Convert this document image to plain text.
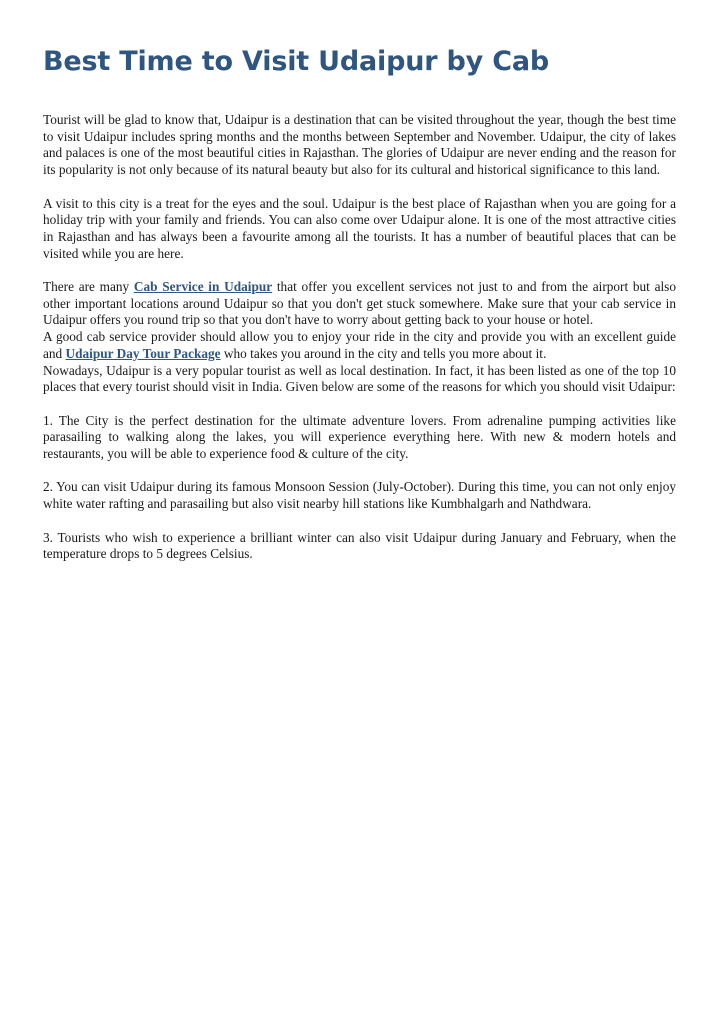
Best Time to Visit Udaipur by Cab

Tourist will be glad to know that, Udaipur is a destination that can be visited throughout the year, though the best time to visit Udaipur includes spring months and the months between September and November. Udaipur, the city of lakes and palaces is one of the most beautiful cities in Rajasthan. The glories of Udaipur are never ending and the reason for its popularity is not only because of its natural beauty but also for its cultural and historical significance to this land.

A visit to this city is a treat for the eyes and the soul. Udaipur is the best place of Rajasthan when you are going for a holiday trip with your family and friends. You can also come over Udaipur alone. It is one of the most attractive cities in Rajasthan and has always been a favourite among all the tourists. It has a number of beautiful places that can be visited while you are here.

There are many Cab Service in Udaipur that offer you excellent services not just to and from the airport but also other important locations around Udaipur so that you don't get stuck somewhere. Make sure that your cab service in Udaipur offers you round trip so that you don't have to worry about getting back to your house or hotel.

A good cab service provider should allow you to enjoy your ride in the city and provide you with an excellent guide and Udaipur Day Tour Package who takes you around in the city and tells you more about it.

Nowadays, Udaipur is a very popular tourist as well as local destination. In fact, it has been listed as one of the top 10 places that every tourist should visit in India. Given below are some of the reasons for which you should visit Udaipur:

1. The City is the perfect destination for the ultimate adventure lovers. From adrenaline pumping activities like parasailing to walking along the lakes, you will experience everything here. With new & modern hotels and restaurants, you will be able to experience food & culture of the city.

2. You can visit Udaipur during its famous Monsoon Session (July-October). During this time, you can not only enjoy white water rafting and parasailing but also visit nearby hill stations like Kumbhalgarh and Nathdwara.

3. Tourists who wish to experience a brilliant winter can also visit Udaipur during January and February, when the temperature drops to 5 degrees Celsius.
